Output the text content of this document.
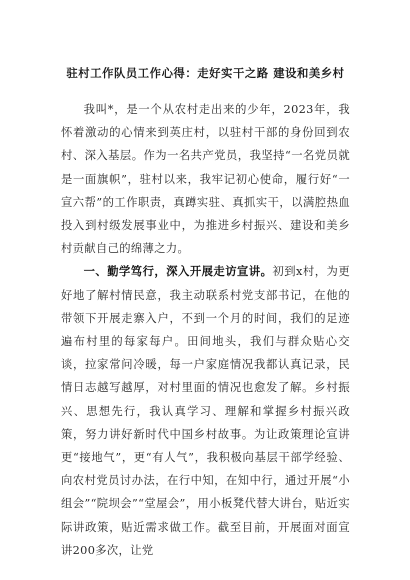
驻村工作队员工作心得：走好实干之路 建设和美乡村

我叫*，是一个从农村走出来的少年，2023年，我怀着激动的心情来到英庄村，以驻村干部的身份回到农村、深入基层。作为一名共产党员，我坚持“一名党员就是一面旗帜”，驻村以来，我牢记初心使命，履行好“一宣六帮”的工作职责，真蹲实驻、真抓实干，以满腔热血投入到村级发展事业中，为推进乡村振兴、建设和美乡村贡献自己的绵薄之力。

一、勤学笃行，深入开展走访宣讲。初到x村，为更好地了解村情民意，我主动联系村党支部书记，在他的带领下开展走寨入户，不到一个月的时间，我们的足迹遍布村里的每家每户。田间地头，我们与群众贴心交谈，拉家常问冷暖，每一户家庭情况我都认真记录，民情日志越写越厚，对村里面的情况也愈发了解。乡村振兴、思想先行，我认真学习、理解和掌握乡村振兴政策，努力讲好新时代中国乡村故事。为让政策理论宣讲更“接地气”，更“有人气”，我积极向基层干部学经验、向农村党员讨办法，在行中知，在知中行，通过开展“小组会”“院坝会”“堂屋会”，用小板凳代替大讲台，贴近实际讲政策，贴近需求做工作。截至目前，开展面对面宣讲200多次，让党
